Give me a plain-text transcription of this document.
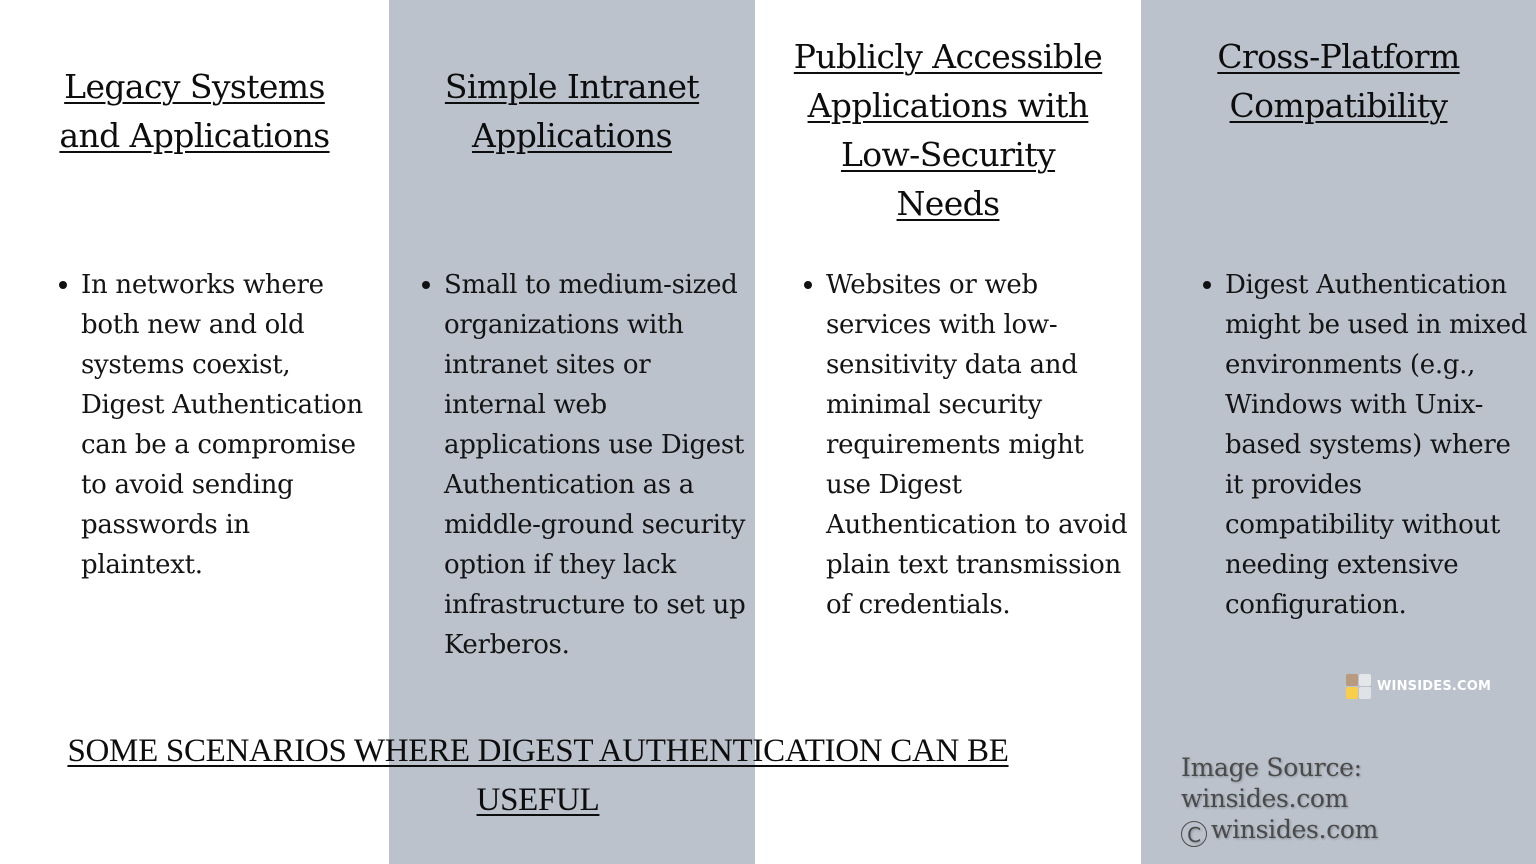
Legacy Systems and Applications
In networks where both new and old systems coexist, Digest Authentication can be a compromise to avoid sending passwords in plaintext.
Simple Intranet Applications
Small to medium-sized organizations with intranet sites or internal web applications use Digest Authentication as a middle-ground security option if they lack infrastructure to set up Kerberos.
Publicly Accessible Applications with Low-Security Needs
Websites or web services with low-sensitivity data and minimal security requirements might use Digest Authentication to avoid plain text transmission of credentials.
Cross-Platform Compatibility
Digest Authentication might be used in mixed environments (e.g., Windows with Unix-based systems) where it provides compatibility without needing extensive configuration.
SOME SCENARIOS WHERE DIGEST AUTHENTICATION CAN BE USEFUL
WINSIDES.COM
Image Source: winsides.com
C winsides.com
